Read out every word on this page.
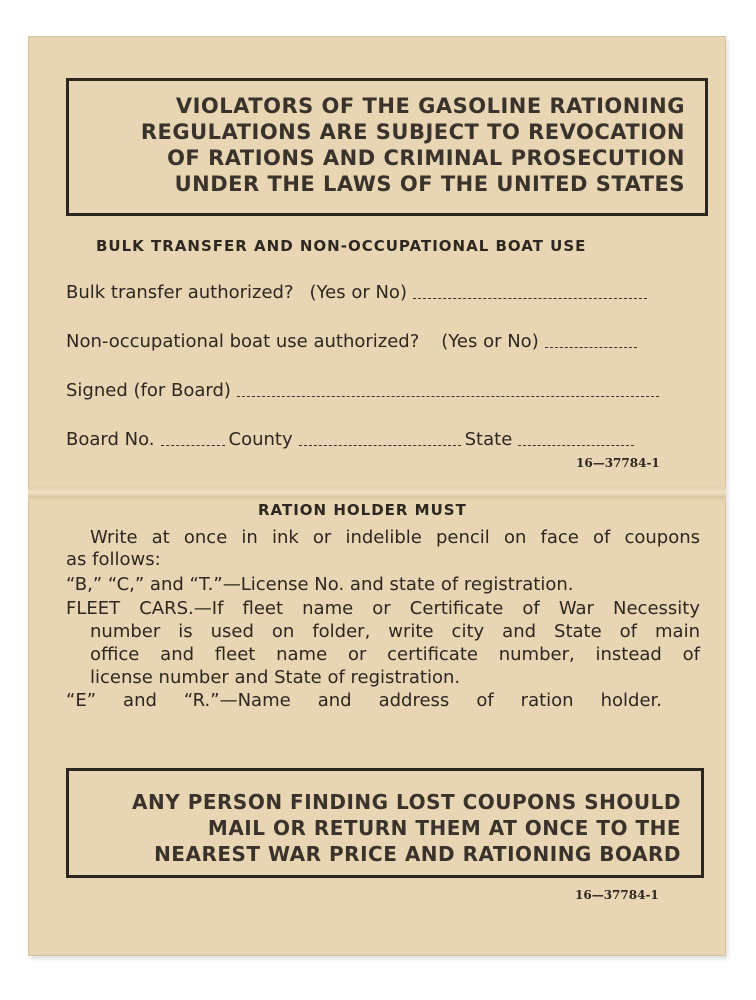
VIOLATORS OF THE GASOLINE RATIONING
REGULATIONS ARE SUBJECT TO REVOCATION
OF RATIONS AND CRIMINAL PROSECUTION
UNDER THE LAWS OF THE UNITED STATES
BULK TRANSFER AND NON-OCCUPATIONAL BOAT USE
Bulk transfer authorized? (Yes or No)
Non-occupational boat use authorized? (Yes or No)
Signed (for Board)
Board No.	County	State
16—37784-1
RATION HOLDER MUST
Write at once in ink or indelible pencil on face of coupons
as follows:
“B,” “C,” and “T.”—License No. and state of registration.
FLEET CARS.—If fleet name or Certificate of War Necessity
number is used on folder, write city and State of main
office and fleet name or certificate number, instead of
license number and State of registration.
“E” and “R.”—Name and address of ration holder.
ANY PERSON FINDING LOST COUPONS SHOULD
MAIL OR RETURN THEM AT ONCE TO THE
NEAREST WAR PRICE AND RATIONING BOARD
16—37784-1
